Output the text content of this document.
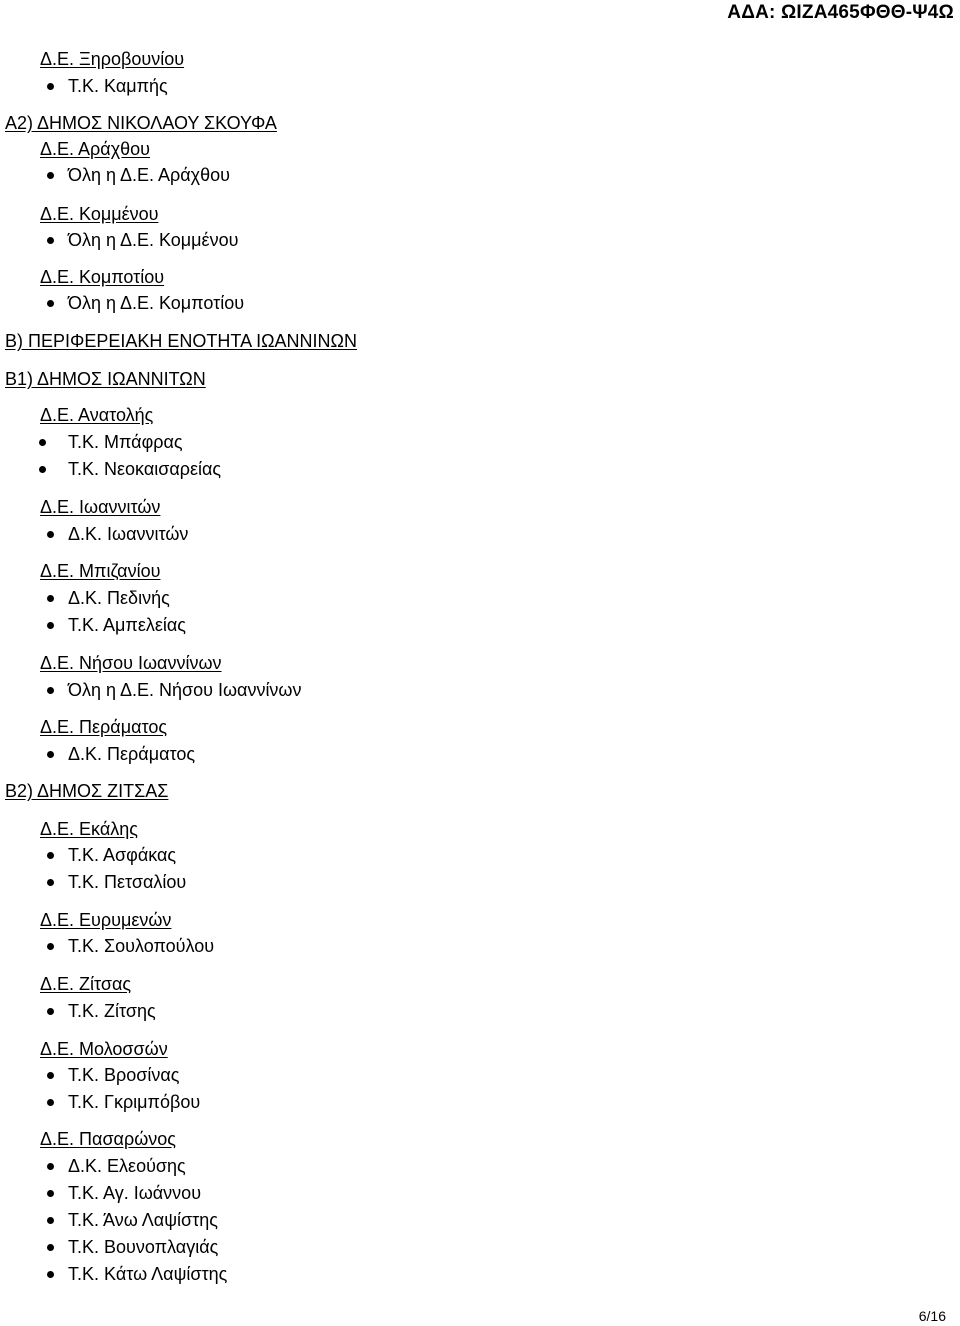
ΑΔΑ: ΩΙΖΑ465ΦΘΘ-Ψ4Ω
Δ.Ε. Ξηροβουνίου
Τ.Κ. Καμπής
Α2) ΔΗΜΟΣ ΝΙΚΟΛΑΟΥ ΣΚΟΥΦΑ
Δ.Ε. Αράχθου
Όλη η Δ.Ε. Αράχθου
Δ.Ε. Κομμένου
Όλη η Δ.Ε. Κομμένου
Δ.Ε. Κομποτίου
Όλη η Δ.Ε. Κομποτίου
Β) ΠΕΡΙΦΕΡΕΙΑΚΗ ΕΝΟΤΗΤΑ ΙΩΑΝΝΙΝΩΝ
Β1) ΔΗΜΟΣ ΙΩΑΝΝΙΤΩΝ
Δ.Ε. Ανατολής
Τ.Κ. Μπάφρας
Τ.Κ. Νεοκαισαρείας
Δ.Ε. Ιωαννιτών
Δ.Κ. Ιωαννιτών
Δ.Ε. Μπιζανίου
Δ.Κ. Πεδινής
Τ.Κ. Αμπελείας
Δ.Ε. Νήσου Ιωαννίνων
Όλη η Δ.Ε. Νήσου Ιωαννίνων
Δ.Ε. Περάματος
Δ.Κ. Περάματος
Β2) ΔΗΜΟΣ ΖΙΤΣΑΣ
Δ.Ε. Εκάλης
Τ.Κ. Ασφάκας
Τ.Κ. Πετσαλίου
Δ.Ε. Ευρυμενών
Τ.Κ. Σουλοπούλου
Δ.Ε. Ζίτσας
Τ.Κ. Ζίτσης
Δ.Ε. Μολοσσών
Τ.Κ. Βροσίνας
Τ.Κ. Γκριμπόβου
Δ.Ε. Πασαρώνος
Δ.Κ. Ελεούσης
Τ.Κ. Αγ. Ιωάννου
Τ.Κ. Άνω Λαψίστης
Τ.Κ. Βουνοπλαγιάς
Τ.Κ. Κάτω Λαψίστης
6/16
